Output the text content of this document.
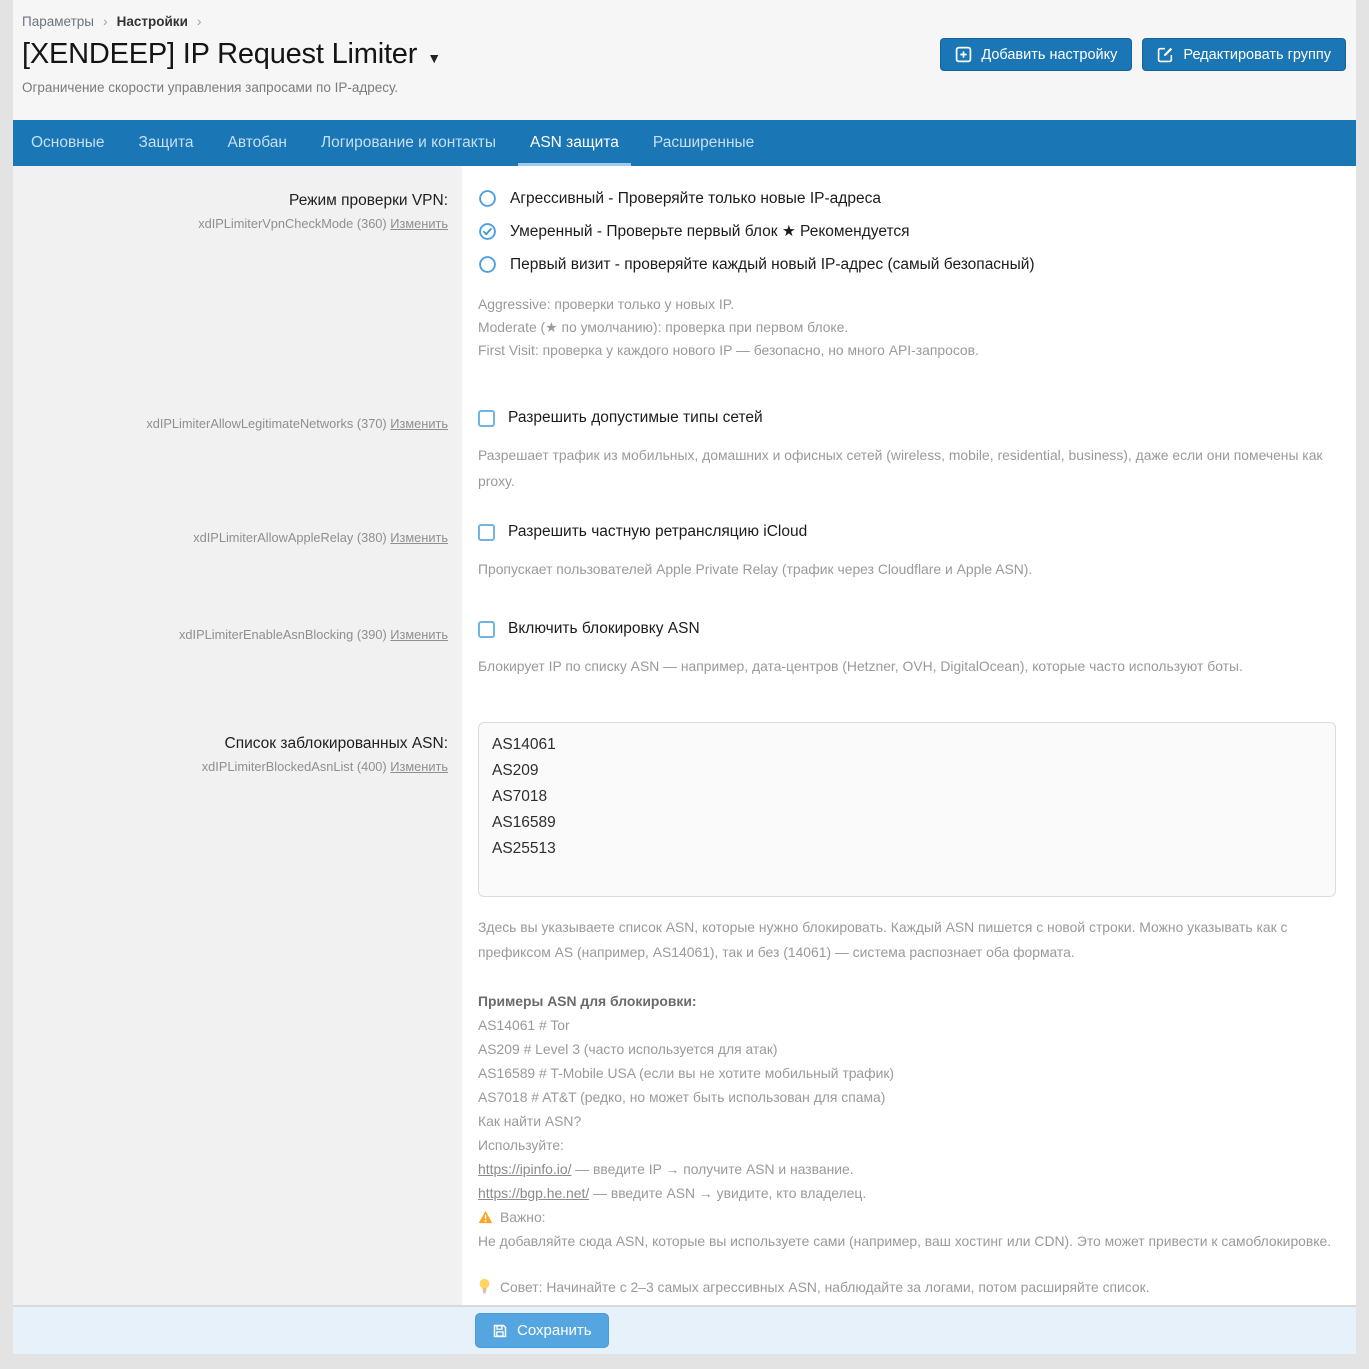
Параметры › Настройки ›
[XENDEEP] IP Request Limiter ▼	Добавить настройку	Редактировать группу
Ограничение скорости управления запросами по IP-адресу.
Основные	Защита	Автобан	Логирование и контакты	ASN защита	Расширенные
Режим проверки VPN:
xdIPLimiterVpnCheckMode (360) Изменить
Агрессивный - Проверяйте только новые IP-адреса
Умеренный - Проверьте первый блок ★ Рекомендуется
Первый визит - проверяйте каждый новый IP-адрес (самый безопасный)
Aggressive: проверки только у новых IP.
Moderate (★ по умолчанию): проверка при первом блоке.
First Visit: проверка у каждого нового IP — безопасно, но много API-запросов.
xdIPLimiterAllowLegitimateNetworks (370) Изменить	Разрешить допустимые типы сетей
Разрешает трафик из мобильных, домашних и офисных сетей (wireless, mobile, residential, business), даже если они помечены как proxy.
xdIPLimiterAllowAppleRelay (380) Изменить	Разрешить частную ретрансляцию iCloud
Пропускает пользователей Apple Private Relay (трафик через Cloudflare и Apple ASN).
xdIPLimiterEnableAsnBlocking (390) Изменить	Включить блокировку ASN
Блокирует IP по списку ASN — например, дата-центров (Hetzner, OVH, DigitalOcean), которые часто используют боты.
Список заблокированных ASN:
xdIPLimiterBlockedAsnList (400) Изменить
AS14061 AS209 AS7018 AS16589 AS25513
Здесь вы указываете список ASN, которые нужно блокировать. Каждый ASN пишется с новой строки. Можно указывать как с префиксом AS (например, AS14061), так и без (14061) — система распознает оба формата.
Примеры ASN для блокировки:
AS14061 # Tor
AS209 # Level 3 (часто используется для атак)
AS16589 # T-Mobile USA (если вы не хотите мобильный трафик)
AS7018 # AT&T (редко, но может быть использован для спама)
Как найти ASN?
Используйте:
https://ipinfo.io/ — введите IP → получите ASN и название.
https://bgp.he.net/ — введите ASN → увидите, кто владелец.
Важно:
Не добавляйте сюда ASN, которые вы используете сами (например, ваш хостинг или CDN). Это может привести к самоблокировке.
Совет: Начинайте с 2–3 самых агрессивных ASN, наблюдайте за логами, потом расширяйте список.
Сохранить
